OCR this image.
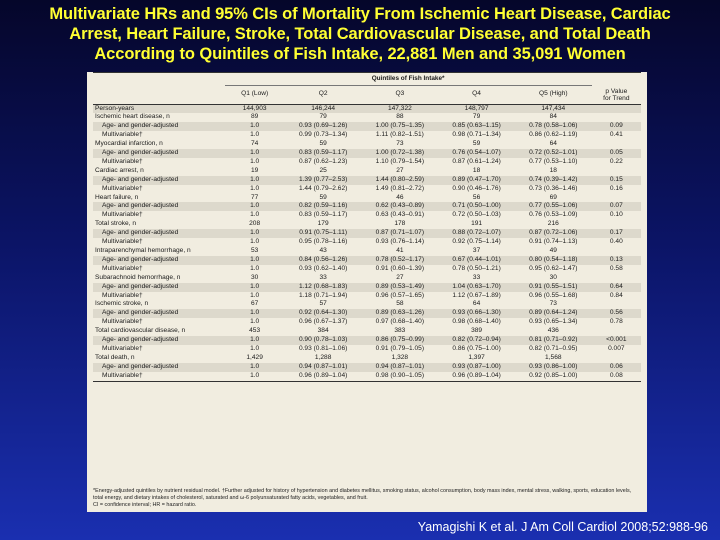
Multivariate HRs and 95% CIs of Mortality From Ischemic Heart Disease, Cardiac
Arrest, Heart Failure, Stroke, Total Cardiovascular Disease, and Total Death
According to Quintiles of Fish Intake, 22,881 Men and 35,091 Women
	Quintiles of Fish Intake*					
	Q1 (Low)	Q2	Q3	Q4	Q5 (High)	p Value
for Trend
Person-years	144,903	146,244	147,322	148,797	147,434	
Ischemic heart disease, n	89	79	88	79	84	
Age- and gender-adjusted	1.0	0.93 (0.69–1.26)	1.00 (0.75–1.35)	0.85 (0.63–1.15)	0.78 (0.58–1.06)	0.09
Multivariable†	1.0	0.99 (0.73–1.34)	1.11 (0.82–1.51)	0.98 (0.71–1.34)	0.86 (0.62–1.19)	0.41
Myocardial infarction, n	74	59	73	59	64	
Age- and gender-adjusted	1.0	0.83 (0.59–1.17)	1.00 (0.72–1.38)	0.76 (0.54–1.07)	0.72 (0.52–1.01)	0.05
Multivariable†	1.0	0.87 (0.62–1.23)	1.10 (0.79–1.54)	0.87 (0.61–1.24)	0.77 (0.53–1.10)	0.22
Cardiac arrest, n	19	25	27	18	18	
Age- and gender-adjusted	1.0	1.39 (0.77–2.53)	1.44 (0.80–2.59)	0.89 (0.47–1.70)	0.74 (0.39–1.42)	0.15
Multivariable†	1.0	1.44 (0.79–2.62)	1.49 (0.81–2.72)	0.90 (0.46–1.76)	0.73 (0.36–1.46)	0.16
Heart failure, n	77	59	46	56	69	
Age- and gender-adjusted	1.0	0.82 (0.59–1.16)	0.62 (0.43–0.89)	0.71 (0.50–1.00)	0.77 (0.55–1.06)	0.07
Multivariable†	1.0	0.83 (0.59–1.17)	0.63 (0.43–0.91)	0.72 (0.50–1.03)	0.76 (0.53–1.09)	0.10
Total stroke, n	208	179	178	191	216	
Age- and gender-adjusted	1.0	0.91 (0.75–1.11)	0.87 (0.71–1.07)	0.88 (0.72–1.07)	0.87 (0.72–1.06)	0.17
Multivariable†	1.0	0.95 (0.78–1.16)	0.93 (0.76–1.14)	0.92 (0.75–1.14)	0.91 (0.74–1.13)	0.40
Intraparenchymal hemorrhage, n	53	43	41	37	49	
Age- and gender-adjusted	1.0	0.84 (0.56–1.26)	0.78 (0.52–1.17)	0.67 (0.44–1.01)	0.80 (0.54–1.18)	0.13
Multivariable†	1.0	0.93 (0.62–1.40)	0.91 (0.60–1.39)	0.78 (0.50–1.21)	0.95 (0.62–1.47)	0.58
Subarachnoid hemorrhage, n	30	33	27	33	30	
Age- and gender-adjusted	1.0	1.12 (0.68–1.83)	0.89 (0.53–1.49)	1.04 (0.63–1.70)	0.91 (0.55–1.51)	0.64
Multivariable†	1.0	1.18 (0.71–1.94)	0.96 (0.57–1.65)	1.12 (0.67–1.89)	0.96 (0.55–1.68)	0.84
Ischemic stroke, n	67	57	58	64	73	
Age- and gender-adjusted	1.0	0.92 (0.64–1.30)	0.89 (0.63–1.26)	0.93 (0.66–1.30)	0.89 (0.64–1.24)	0.56
Multivariable†	1.0	0.96 (0.67–1.37)	0.97 (0.68–1.40)	0.98 (0.68–1.40)	0.93 (0.65–1.34)	0.78
Total cardiovascular disease, n	453	384	383	389	436	
Age- and gender-adjusted	1.0	0.90 (0.78–1.03)	0.86 (0.75–0.99)	0.82 (0.72–0.94)	0.81 (0.71–0.92)	<0.001
Multivariable†	1.0	0.93 (0.81–1.06)	0.91 (0.79–1.05)	0.86 (0.75–1.00)	0.82 (0.71–0.95)	0.007
Total death, n	1,429	1,288	1,328	1,397	1,568	
Age- and gender-adjusted	1.0	0.94 (0.87–1.01)	0.94 (0.87–1.01)	0.93 (0.87–1.00)	0.93 (0.86–1.00)	0.06
Multivariable†	1.0	0.96 (0.89–1.04)	0.98 (0.90–1.05)	0.96 (0.89–1.04)	0.92 (0.85–1.00)	0.08
*Energy-adjusted quintiles by nutrient residual model. †Further adjusted for history of hypertension and diabetes mellitus, smoking status, alcohol consumption, body mass index, mental stress, walking, sports, education levels, total energy, and dietary intakes of cholesterol, saturated and ω-6 polyunsaturated fatty acids, vegetables, and fruit.
CI = confidence interval; HR = hazard ratio.
Yamagishi K et al. J Am Coll Cardiol 2008;52:988-96
